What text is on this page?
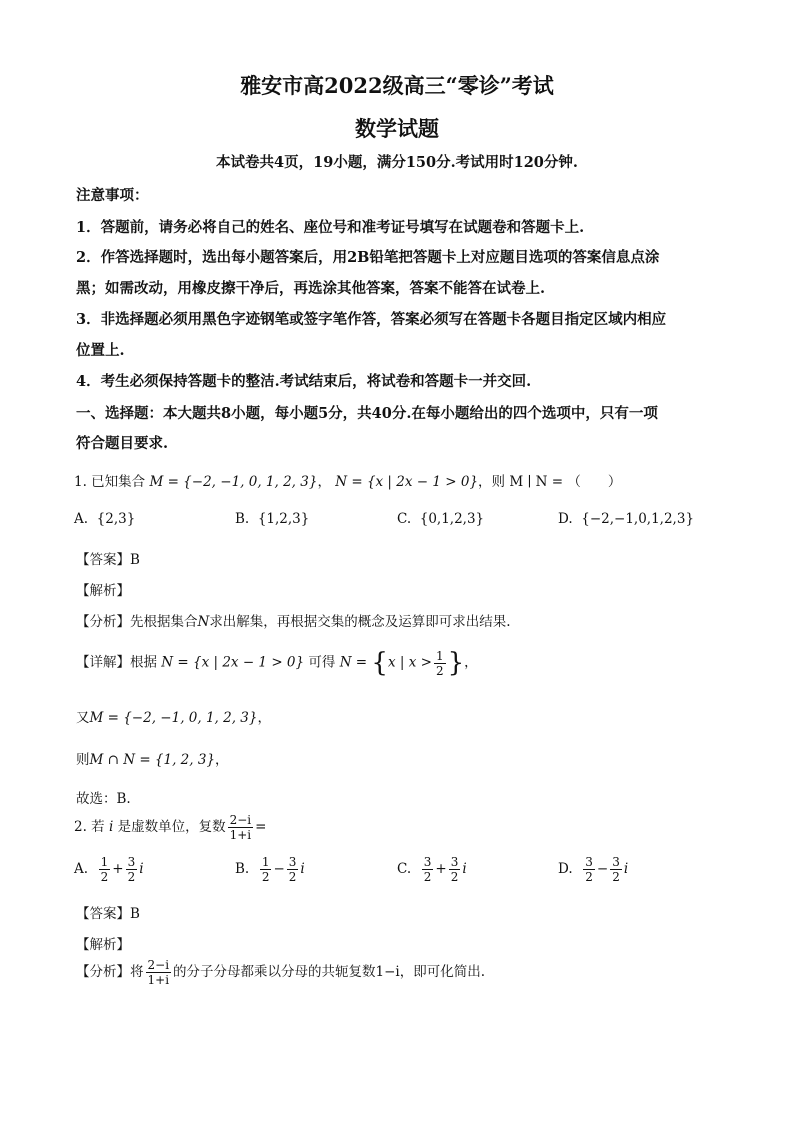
雅安市高2022级高三“零诊”考试
数学试题
本试卷共4页，19小题，满分150分.考试用时120分钟.
注意事项：
1．答题前，请务必将自己的姓名、座位号和准考证号填写在试题卷和答题卡上.
2．作答选择题时，选出每小题答案后，用2B铅笔把答题卡上对应题目选项的答案信息点涂
黑；如需改动，用橡皮擦干净后，再选涂其他答案，答案不能答在试卷上.
3．非选择题必须用黑色字迹钢笔或签字笔作答，答案必须写在答题卡各题目指定区域内相应
位置上.
4．考生必须保持答题卡的整洁.考试结束后，将试卷和答题卡一并交回.
一、选择题：本大题共8小题，每小题5分，共40分.在每小题给出的四个选项中，只有一项
符合题目要求.
1. 已知集合 M = {−2, −1, 0, 1, 2, 3}， N = {x | 2x − 1 > 0}，则 M ∣ N = （　　）
A. {2,3}	B. {1,2,3}	C. {0,1,2,3}	D. {−2,−1,0,1,2,3}
【答案】B
【解析】
【分析】先根据集合N求出解集，再根据交集的概念及运算即可求出结果.
【详解】根据 N = {x | 2x − 1 > 0} 可得 N = {x | $x > \frac{1}{2}$ }，
又M = {−2, −1, 0, 1, 2, 3}，
则M ∩ N = {1, 2, 3}，
故选：B.
2. 若 i 是虚数单位，复数 $\frac{2-i}{1+i}$ =
A. $\frac{1}{2} + \frac{3}{2}$ i	B. $\frac{1}{2} - \frac{3}{2}$ i	C. $\frac{3}{2} + \frac{3}{2}$ i	D. $\frac{3}{2} - \frac{3}{2}$ i
【答案】B
【解析】
【分析】将 $\frac{2-i}{1+i}$ 的分子分母都乘以分母的共轭复数1−i，即可化简出.
